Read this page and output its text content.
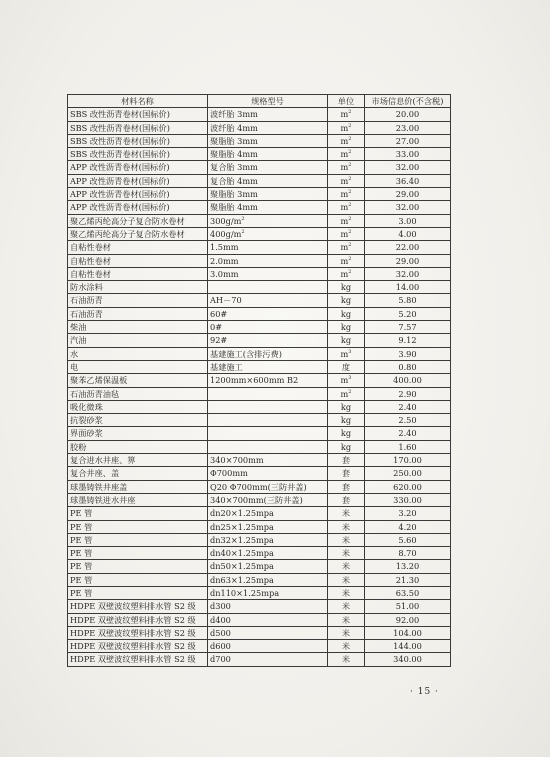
材料名称	规格型号	单位	市场信息价(不含税)
SBS 改性沥青卷材(国标价)	波纤胎 3mm	$m^2$	20.00
SBS 改性沥青卷材(国标价)	波纤胎 4mm	$m^2$	23.00
SBS 改性沥青卷材(国标价)	聚脂胎 3mm	$m^2$	27.00
SBS 改性沥青卷材(国标价)	聚脂胎 4mm	$m^2$	33.00
APP 改性沥青卷材(国标价)	复合胎 3mm	$m^2$	32.00
APP 改性沥青卷材(国标价)	复合胎 4mm	$m^2$	36.40
APP 改性沥青卷材(国标价)	聚脂胎 3mm	$m^2$	29.00
APP 改性沥青卷材(国标价)	聚脂胎 4mm	$m^2$	32.00
聚乙烯丙纶高分子复合防水卷材	$300g/m^2$	$m^2$	3.00
聚乙烯丙纶高分子复合防水卷材	$400g/m^2$	$m^2$	4.00
自粘性卷材	1.5mm	$m^2$	22.00
自粘性卷材	2.0mm	$m^2$	29.00
自粘性卷材	3.0mm	$m^2$	32.00
防水涂料		kg	14.00
石油沥青	AH－70	kg	5.80
石油沥青	60#	kg	5.20
柴油	0#	kg	7.57
汽油	92#	kg	9.12
水	基建施工(含排污费)	$m^3$	3.90
电	基建施工	度	0.80
聚苯乙烯保温板	1200mm×600mm B2	$m^3$	400.00
石油沥青油毡		$m^2$	2.90
吸化微珠		kg	2.40
抗裂砂浆		kg	2.50
界面砂浆		kg	2.40
胶粉		kg	1.60
复合进水井座、箅	340×700mm	套	170.00
复合井座、盖	Φ700mm	套	250.00
球墨铸铁井座盖	Q20 Φ700mm(三防井盖)	套	620.00
球墨铸铁进水井座	340×700mm(三防井盖)	套	330.00
PE 管	dn20×1.25mpa	米	3.20
PE 管	dn25×1.25mpa	米	4.20
PE 管	dn32×1.25mpa	米	5.60
PE 管	dn40×1.25mpa	米	8.70
PE 管	dn50×1.25mpa	米	13.20
PE 管	dn63×1.25mpa	米	21.30
PE 管	dn110×1.25mpa	米	63.50
HDPE 双壁波纹塑料排水管 S2 级	d300	米	51.00
HDPE 双壁波纹塑料排水管 S2 级	d400	米	92.00
HDPE 双壁波纹塑料排水管 S2 级	d500	米	104.00
HDPE 双壁波纹塑料排水管 S2 级	d600	米	144.00
HDPE 双壁波纹塑料排水管 S2 级	d700	米	340.00
· 15 ·
